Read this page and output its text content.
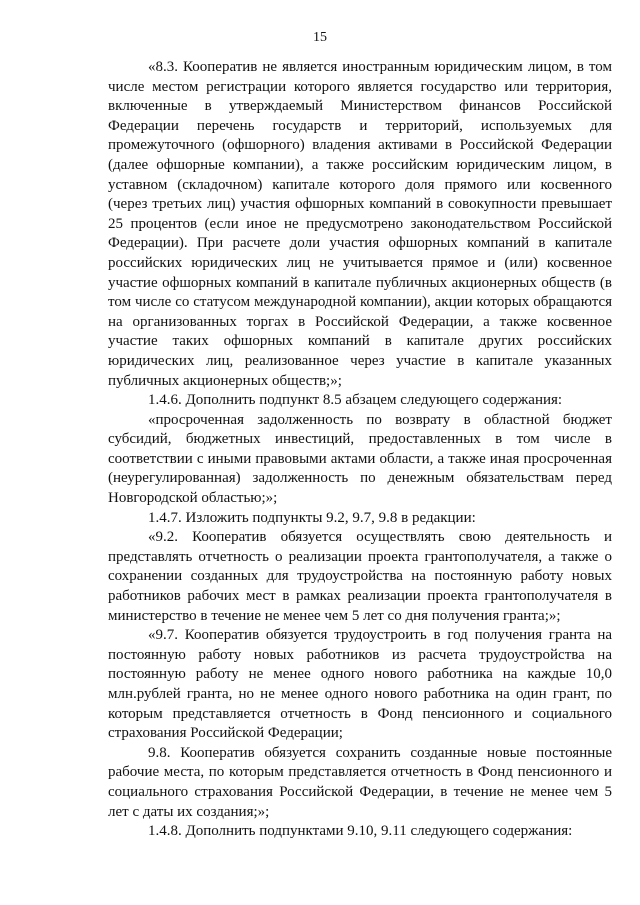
15

«8.3. Кооператив не является иностранным юридическим лицом, в том числе местом регистрации которого является государство или территория, включенные в утверждаемый Министерством финансов Российской Федерации перечень государств и территорий, используемых для промежуточного (офшорного) владения активами в Российской Федерации (далее офшорные компании), а также российским юридическим лицом, в уставном (складочном) капитале которого доля прямого или косвенного (через третьих лиц) участия офшорных компаний в совокупности превышает 25 процентов (если иное не предусмотрено законодательством Российской Федерации). При расчете доли участия офшорных компаний в капитале российских юридических лиц не учитывается прямое и (или) косвенное участие офшорных компаний в капитале публичных акционерных обществ (в том числе со статусом международной компании), акции которых обращаются на организованных торгах в Российской Федерации, а также косвенное участие таких офшорных компаний в капитале других российских юридических лиц, реализованное через участие в капитале указанных публичных акционерных обществ;»;

1.4.6. Дополнить подпункт 8.5 абзацем следующего содержания:

«просроченная задолженность по возврату в областной бюджет субсидий, бюджетных инвестиций, предоставленных в том числе в соответствии с иными правовыми актами области, а также иная просроченная (неурегулированная) задолженность по денежным обязательствам перед Новгородской областью;»;

1.4.7. Изложить подпункты 9.2, 9.7, 9.8 в редакции:

«9.2. Кооператив обязуется осуществлять свою деятельность и представлять отчетность о реализации проекта грантополучателя, а также о сохранении созданных для трудоустройства на постоянную работу новых работников рабочих мест в рамках реализации проекта грантополучателя в министерство в течение не менее чем 5 лет со дня получения гранта;»;

«9.7. Кооператив обязуется трудоустроить в год получения гранта на постоянную работу новых работников из расчета трудоустройства на постоянную работу не менее одного нового работника на каждые 10,0 млн.рублей гранта, но не менее одного нового работника на один грант, по которым представляется отчетность в Фонд пенсионного и социального страхования Российской Федерации;

9.8. Кооператив обязуется сохранить созданные новые постоянные рабочие места, по которым представляется отчетность в Фонд пенсионного и социального страхования Российской Федерации, в течение не менее чем 5 лет с даты их создания;»;

1.4.8. Дополнить подпунктами 9.10, 9.11 следующего содержания:
